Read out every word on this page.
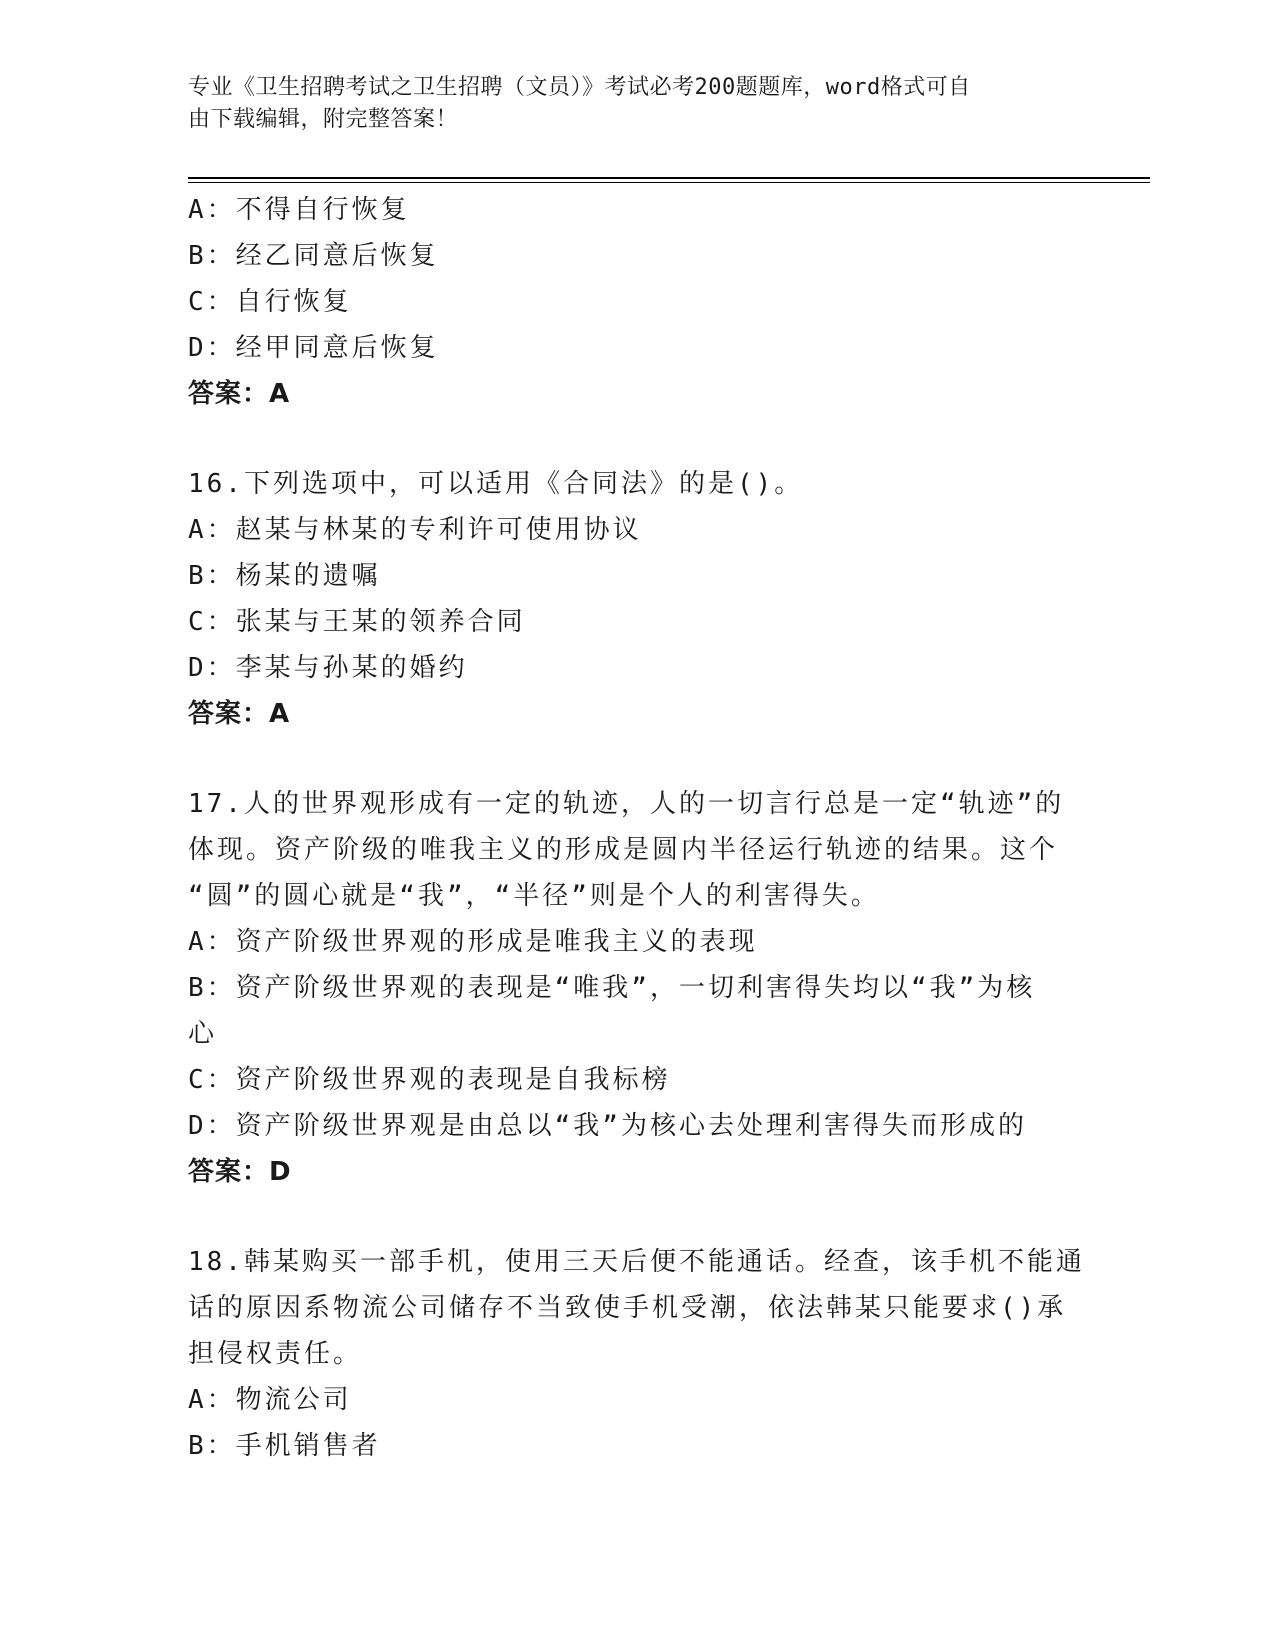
专业《卫生招聘考试之卫生招聘（文员）》考试必考200题题库，word格式可自
由下载编辑，附完整答案！
A：不得自行恢复
B：经乙同意后恢复
C：自行恢复
D：经甲同意后恢复
答案：A
16.下列选项中，可以适用《合同法》的是()。
A：赵某与林某的专利许可使用协议
B：杨某的遗嘱
C：张某与王某的领养合同
D：李某与孙某的婚约
答案：A
17.人的世界观形成有一定的轨迹，人的一切言行总是一定“轨迹”的
体现。资产阶级的唯我主义的形成是圆内半径运行轨迹的结果。这个
“圆”的圆心就是“我”，“半径”则是个人的利害得失。
A：资产阶级世界观的形成是唯我主义的表现
B：资产阶级世界观的表现是“唯我”，一切利害得失均以“我”为核
心
C：资产阶级世界观的表现是自我标榜
D：资产阶级世界观是由总以“我”为核心去处理利害得失而形成的
答案：D
18.韩某购买一部手机，使用三天后便不能通话。经查，该手机不能通
话的原因系物流公司储存不当致使手机受潮，依法韩某只能要求()承
担侵权责任。
A：物流公司
B：手机销售者
